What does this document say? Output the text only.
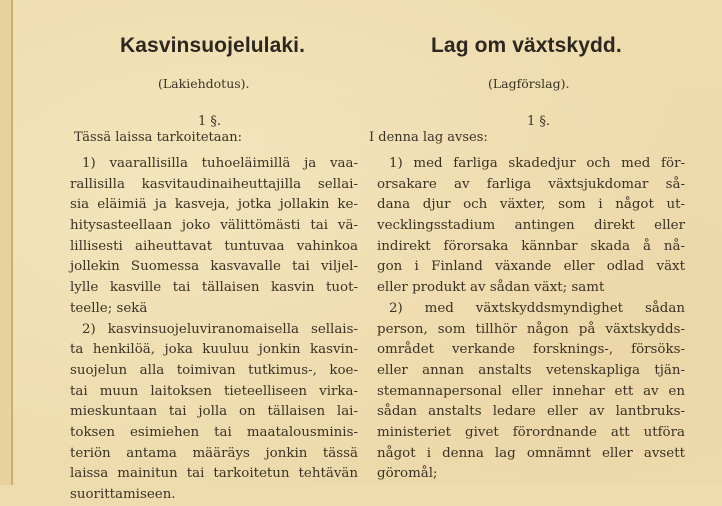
Kasvinsuojelulaki.
(Lakiehdotus).
1 §.
Tässä laissa tarkoitetaan:
1) vaarallisilla tuhoeläimillä ja vaa-
rallisilla kasvitaudinaiheuttajilla sellai-
sia eläimiä ja kasveja, jotka jollakin ke-
hitysasteellaan joko välittömästi tai vä-
lillisesti aiheuttavat tuntuvaa vahinkoa
jollekin Suomessa kasvavalle tai viljel-
lylle kasville tai tällaisen kasvin tuot-
teelle; sekä
2) kasvinsuojeluviranomaisella sellais-
ta henkilöä, joka kuuluu jonkin kasvin-
suojelun alla toimivan tutkimus-, koe-
tai muun laitoksen tieteelliseen virka-
mieskuntaan tai jolla on tällaisen lai-
toksen esimiehen tai maatalousminis-
teriön antama määräys jonkin tässä
laissa mainitun tai tarkoitetun tehtävän
suorittamiseen.
Lag om växtskydd.
(Lagförslag).
1 §.
I denna lag avses:
1) med farliga skadedjur och med för-
orsakare av farliga växtsjukdomar så-
dana djur och växter, som i något ut-
vecklingsstadium antingen direkt eller
indirekt förorsaka kännbar skada å nå-
gon i Finland växande eller odlad växt
eller produkt av sådan växt; samt
2) med växtskyddsmyndighet sådan
person, som tillhör någon på växtskydds-
området verkande forsknings-, försöks-
eller annan anstalts vetenskapliga tjän-
stemannapersonal eller innehar ett av en
sådan anstalts ledare eller av lantbruks-
ministeriet givet förordnande att utföra
något i denna lag omnämnt eller avsett
göromål;
